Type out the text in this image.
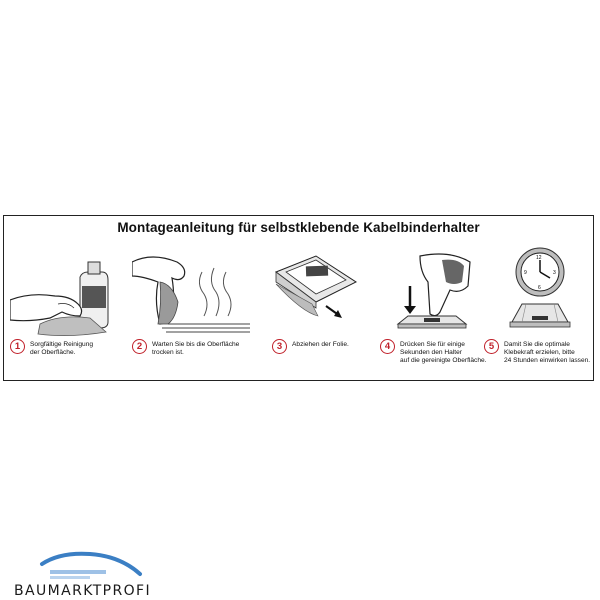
Montageanleitung für selbstklebende Kabelbinderhalter
1	Sorgfältige Reinigung
der Oberfläche.
2	Warten Sie bis die Oberfläche
trocken ist.
3	Abziehen der Folie.	4	Drücken Sie für einige
Sekunden den Halter
auf die gereinigte Oberfläche.
12
6
9	3
5	Damit Sie die optimale
Klebekraft erzielen, bitte
24 Stunden einwirken lassen.
BAUMARKTPROFI
